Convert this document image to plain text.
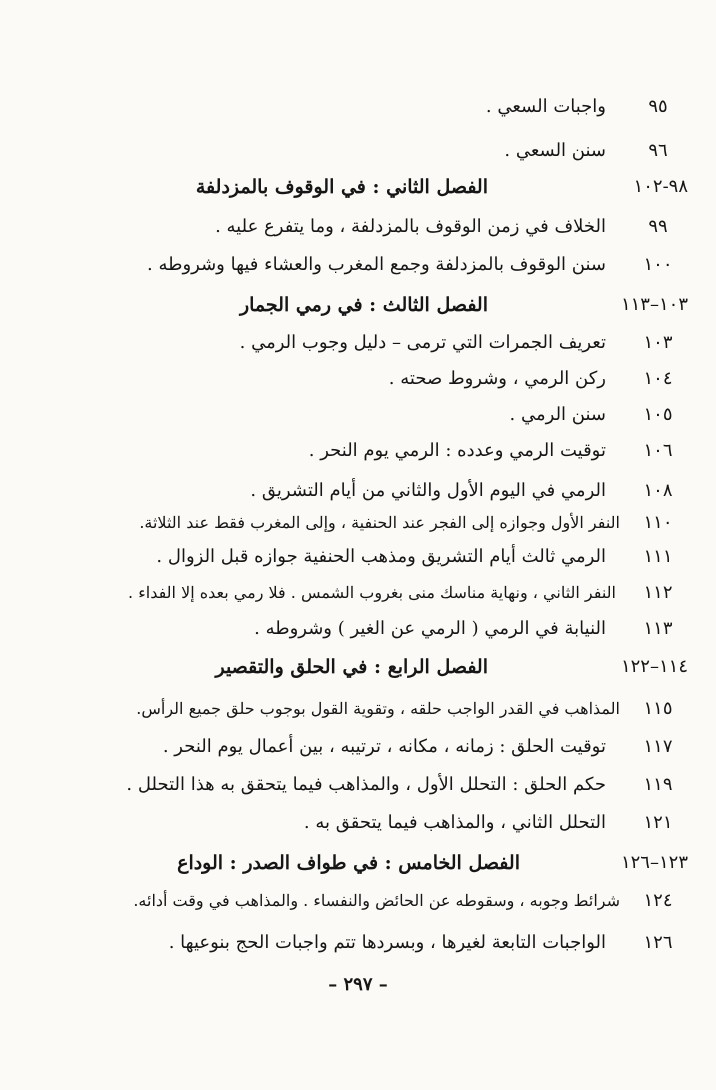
٩٥
واجبات السعي .
٩٦
سنن السعي .
٩٨-١٠٢
الفصل الثاني : في الوقوف بالمزدلفة
٩٩
الخلاف في زمن الوقوف بالمزدلفة ، وما يتفرع عليه .
١٠٠
سنن الوقوف بالمزدلفة وجمع المغرب والعشاء فيها وشروطه .
١٠٣–١١٣
الفصل الثالث : في رمي الجمار
١٠٣
تعريف الجمرات التي ترمى – دليل وجوب الرمي .
١٠٤
ركن الرمي ، وشروط صحته .
١٠٥
سنن الرمي .
١٠٦
توقيت الرمي وعدده : الرمي يوم النحر .
١٠٨
الرمي في اليوم الأول والثاني من أيام التشريق .
١١٠
النفر الأول وجوازه إلى الفجر عند الحنفية ، وإلى المغرب فقط عند الثلاثة.
١١١
الرمي ثالث أيام التشريق ومذهب الحنفية جوازه قبل الزوال .
١١٢
النفر الثاني ، ونهاية مناسك منى بغروب الشمس . فلا رمي بعده إلا الفداء .
١١٣
النيابة في الرمي ( الرمي عن الغير ) وشروطه .
١١٤–١٢٢
الفصل الرابع : في الحلق والتقصير
١١٥
المذاهب في القدر الواجب حلقه ، وتقوية القول بوجوب حلق جميع الرأس.
١١٧
توقيت الحلق : زمانه ، مكانه ، ترتيبه ، بين أعمال يوم النحر .
١١٩
حكم الحلق : التحلل الأول ، والمذاهب فيما يتحقق به هذا التحلل .
١٢١
التحلل الثاني ، والمذاهب فيما يتحقق به .
١٢٣–١٢٦
الفصل الخامس : في طواف الصدر : الوداع
١٢٤
شرائط وجوبه ، وسقوطه عن الحائض والنفساء . والمذاهب في وقت أدائه.
١٢٦
الواجبات التابعة لغيرها ، وبسردها تتم واجبات الحج بنوعيها .
– ٢٩٧ –
